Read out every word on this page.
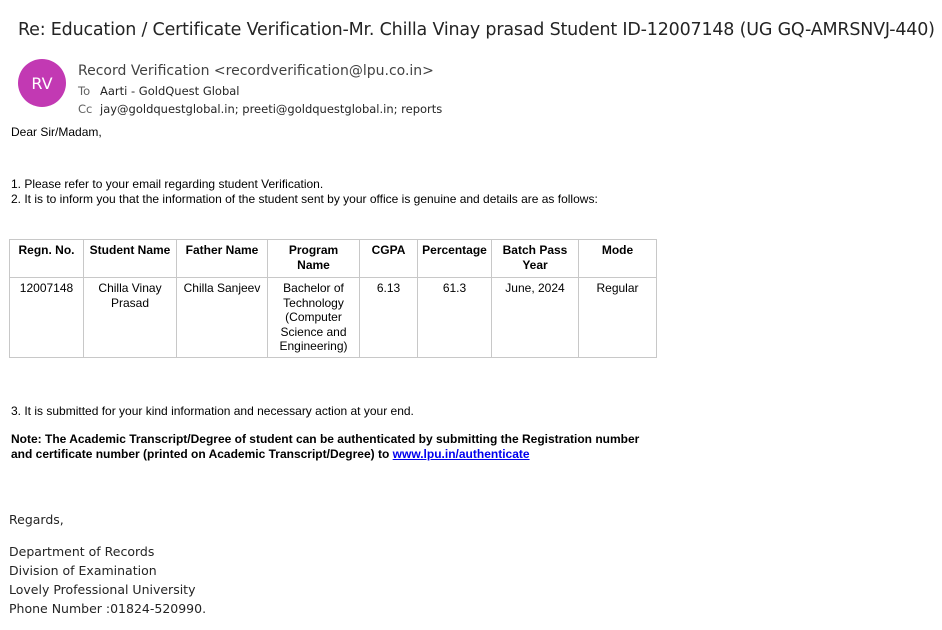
Re: Education / Certificate Verification-Mr. Chilla Vinay prasad Student ID-12007148 (UG GQ-AMRSNVJ-440)
RV
Record Verification <recordverification@lpu.co.in>
To Aarti - GoldQuest Global
Cc jay@goldquestglobal.in; preeti@goldquestglobal.in; reports
Dear Sir/Madam,
1. Please refer to your email regarding student Verification.
2. It is to inform you that the information of the student sent by your office is genuine and details are as follows:
Regn. No.	Student Name	Father Name	Program Name	CGPA	Percentage	Batch Pass Year	Mode
12007148	Chilla Vinay Prasad	Chilla Sanjeev	Bachelor of Technology (Computer Science and Engineering)	6.13	61.3	June, 2024	Regular
3. It is submitted for your kind information and necessary action at your end.
Note: The Academic Transcript/Degree of student can be authenticated by submitting the Registration number and certificate number (printed on Academic Transcript/Degree) to www.lpu.in/authenticate
Regards,
Department of Records
Division of Examination
Lovely Professional University
Phone Number :01824-520990.
